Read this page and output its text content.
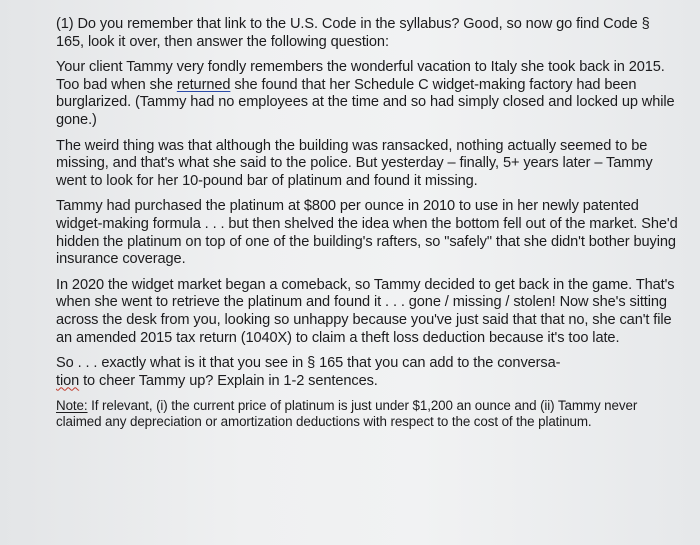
(1) Do you remember that link to the U.S. Code in the syllabus? Good, so now go find Code § 165, look it over, then answer the following question:

Your client Tammy very fondly remembers the wonderful vacation to Italy she took back in 2015. Too bad when she returned she found that her Schedule C widget-making factory had been burglarized. (Tammy had no employees at the time and so had simply closed and locked up while gone.)

The weird thing was that although the building was ransacked, nothing actually seemed to be missing, and that's what she said to the police. But yesterday – finally, 5+ years later – Tammy went to look for her 10-pound bar of platinum and found it missing.

Tammy had purchased the platinum at $800 per ounce in 2010 to use in her newly patented widget-making formula . . . but then shelved the idea when the bottom fell out of the market. She'd hidden the platinum on top of one of the building's rafters, so "safely" that she didn't bother buying insurance coverage.

In 2020 the widget market began a comeback, so Tammy decided to get back in the game. That's when she went to retrieve the platinum and found it . . . gone / missing / stolen! Now she's sitting across the desk from you, looking so unhappy because you've just said that that no, she can't file an amended 2015 tax return (1040X) to claim a theft loss deduction because it's too late.

So . . . exactly what is it that you see in § 165 that you can add to the conversa-
tion to cheer Tammy up? Explain in 1-2 sentences.

Note: If relevant, (i) the current price of platinum is just under $1,200 an ounce and (ii) Tammy never claimed any depreciation or amortization deductions with respect to the cost of the platinum.
